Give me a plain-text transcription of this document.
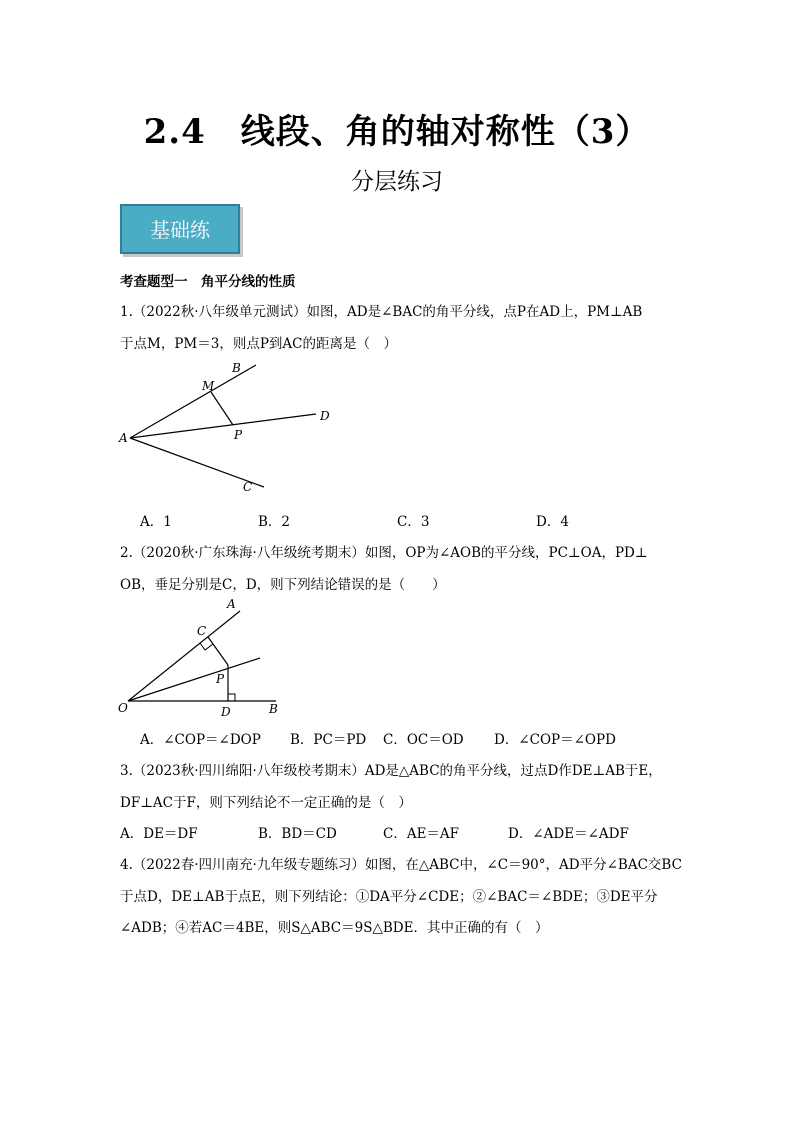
2.4　线段、角的轴对称性（3）
分层练习
基础练
考查题型一　角平分线的性质
1.（2022秋·八年级单元测试）如图，AD是∠BAC的角平分线，点P在AD上，PM⊥AB
于点M，PM＝3，则点P到AC的距离是（　）
B
M
D
A	P
C
A．1	B．2	C．3	D．4
2.（2020秋·广东珠海·八年级统考期末）如图，OP为∠AOB的平分线，PC⊥OA，PD⊥
OB，垂足分别是C，D，则下列结论错误的是（　　）
A
C
P
O	D	B
A．∠COP＝∠DOP B．PC＝PD C．OC＝OD D．∠COP＝∠OPD
3.（2023秋·四川绵阳·八年级校考期末）AD是△ABC的角平分线，过点D作DE⊥AB于E，
DF⊥AC于F，则下列结论不一定正确的是（　）
A．DE＝DF	B．BD＝CD	C．AE＝AF	D．∠ADE＝∠ADF
4.（2022春·四川南充·九年级专题练习）如图，在△ABC中，∠C＝90°，AD平分∠BAC交BC
于点D，DE⊥AB于点E，则下列结论：①DA平分∠CDE；②∠BAC＝∠BDE；③DE平分
∠ADB；④若AC＝4BE，则S△ABC＝9S△BDE．其中正确的有（　）
